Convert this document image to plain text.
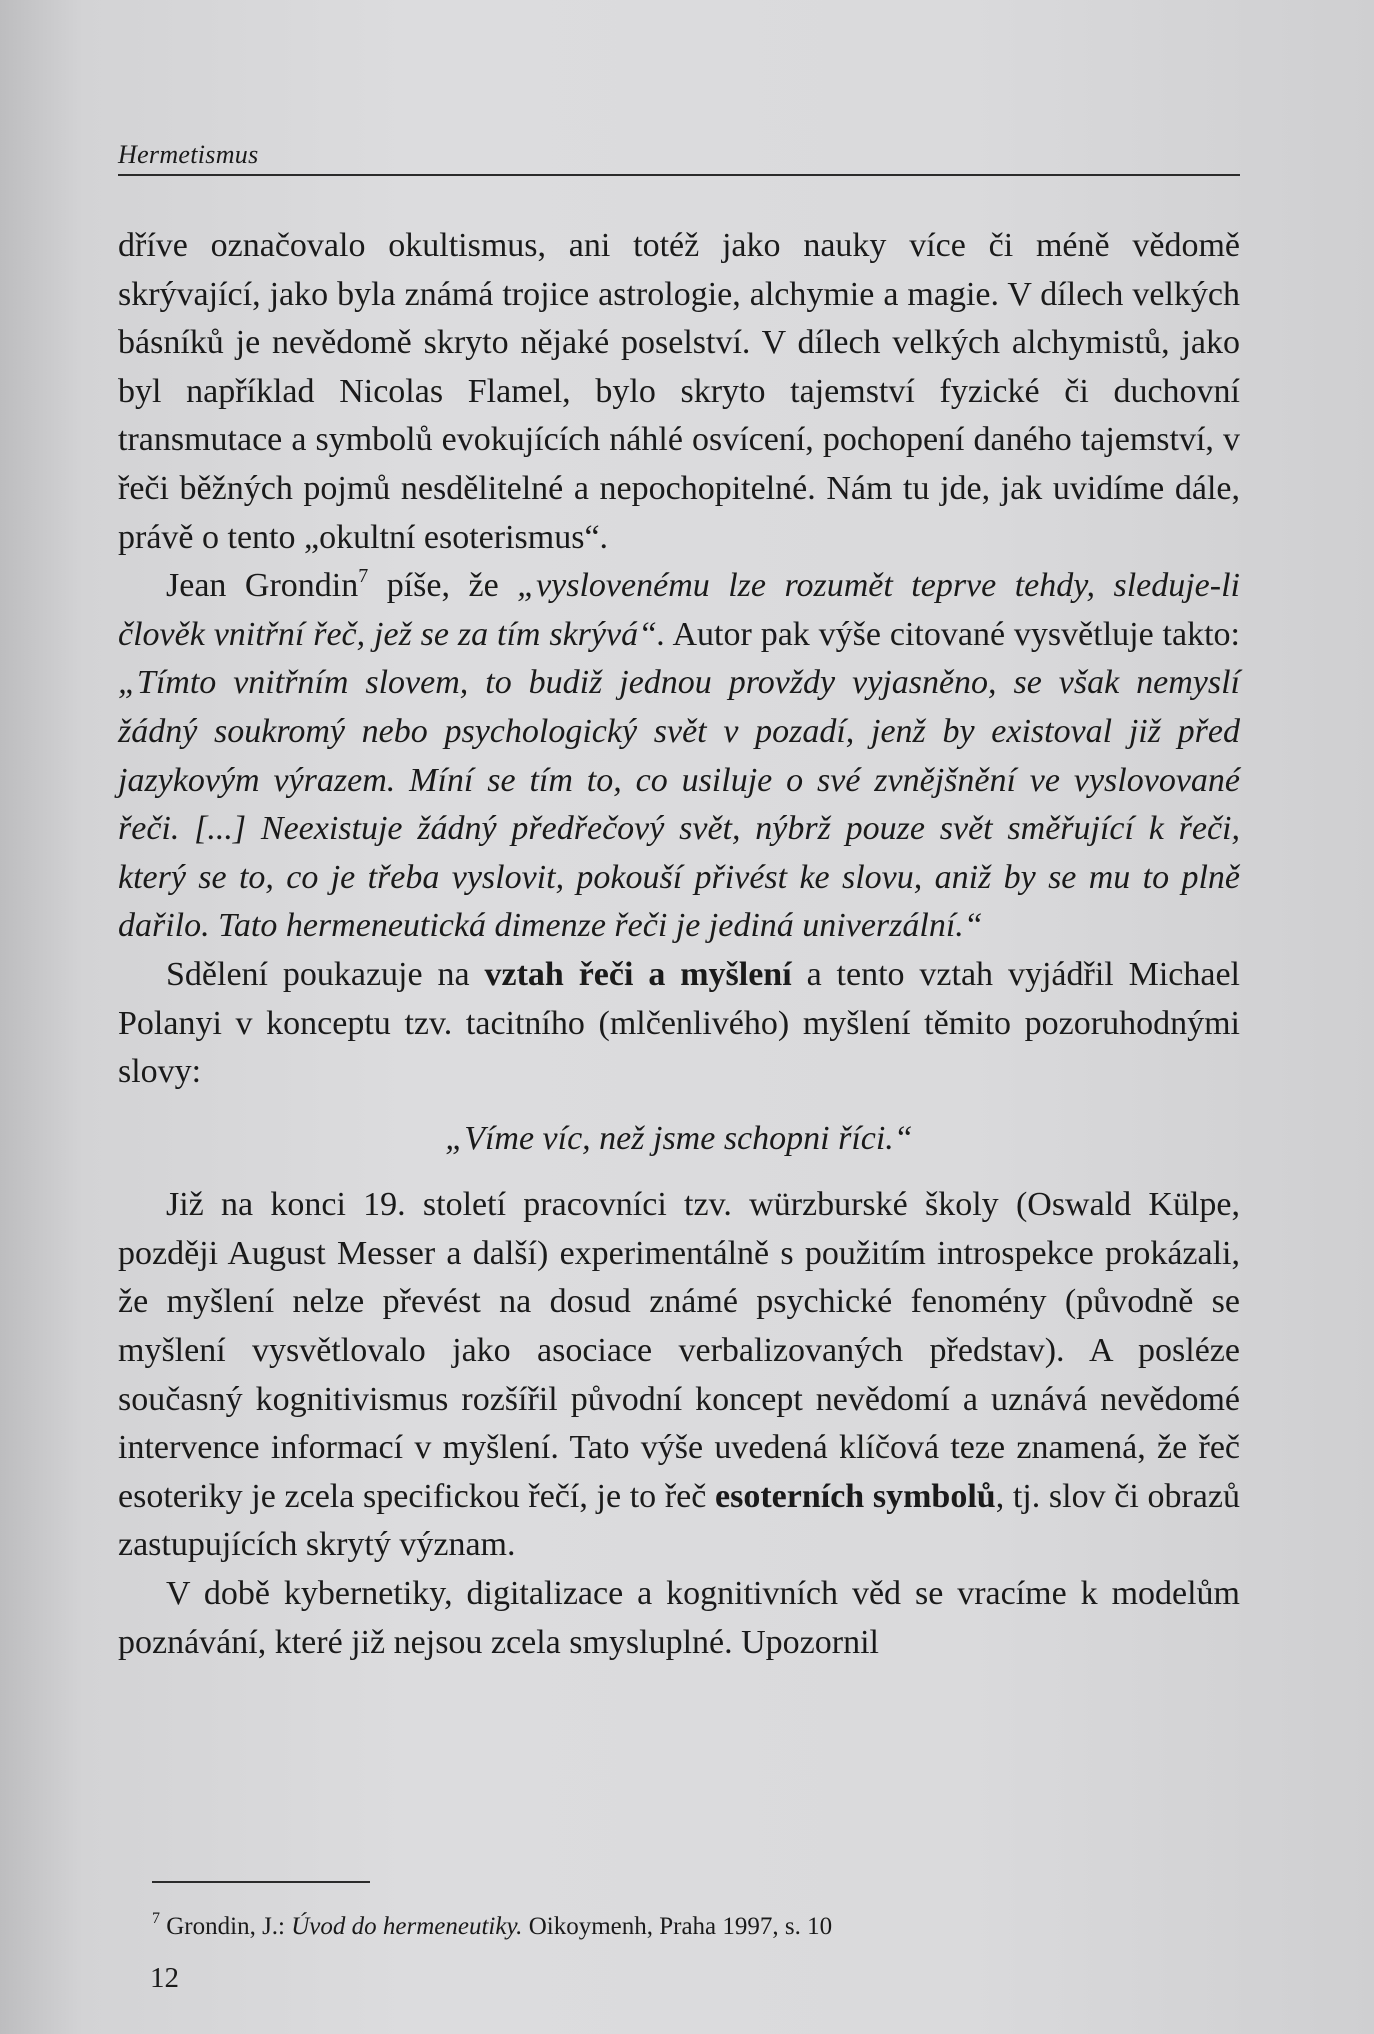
Hermetismus

dříve označovalo okultismus, ani totéž jako nauky více či méně vědomě skrývající, jako byla známá trojice astrologie, alchymie a magie. V dílech velkých básníků je nevědomě skryto nějaké poselství. V dílech velkých alchymistů, jako byl například Nicolas Flamel, bylo skryto tajemství fyzické či duchovní transmutace a symbolů evokujících náhlé osvícení, pochopení daného tajemství, v řeči běžných pojmů nesdělitelné a nepochopitelné. Nám tu jde, jak uvidíme dále, právě o tento „okultní esoterismus“.

Jean Grondin$^7$ píše, že „vyslovenému lze rozumět teprve tehdy, sleduje-li člověk vnitřní řeč, jež se za tím skrývá“. Autor pak výše citované vysvětluje takto: „Tímto vnitřním slovem, to budiž jednou provždy vyjasněno, se však nemyslí žádný soukromý nebo psychologický svět v pozadí, jenž by existoval již před jazykovým výrazem. Míní se tím to, co usiluje o své zvnějšnění ve vyslovované řeči. [...] Neexistuje žádný předřečový svět, nýbrž pouze svět směřující k řeči, který se to, co je třeba vyslovit, pokouší přivést ke slovu, aniž by se mu to plně dařilo. Tato hermeneutická dimenze řeči je jediná univerzální.“

Sdělení poukazuje na vztah řeči a myšlení a tento vztah vyjádřil Michael Polanyi v konceptu tzv. tacitního (mlčenlivého) myšlení těmito pozoruhodnými slovy:

„Víme víc, než jsme schopni říci.“

Již na konci 19. století pracovníci tzv. würzburské školy (Oswald Külpe, později August Messer a další) experimentálně s použitím introspekce prokázali, že myšlení nelze převést na dosud známé psychické fenomény (původně se myšlení vysvětlovalo jako asociace verbalizovaných představ). A posléze současný kognitivismus rozšířil původní koncept nevědomí a uznává nevědomé intervence informací v myšlení. Tato výše uvedená klíčová teze znamená, že řeč esoteriky je zcela specifickou řečí, je to řeč esoterních symbolů, tj. slov či obrazů zastupujících skrytý význam.

V době kybernetiky, digitalizace a kognitivních věd se vracíme k modelům poznávání, které již nejsou zcela smysluplné. Upozornil

$^7$ Grondin, J.: Úvod do hermeneutiky. Oikoymenh, Praha 1997, s. 10
12
